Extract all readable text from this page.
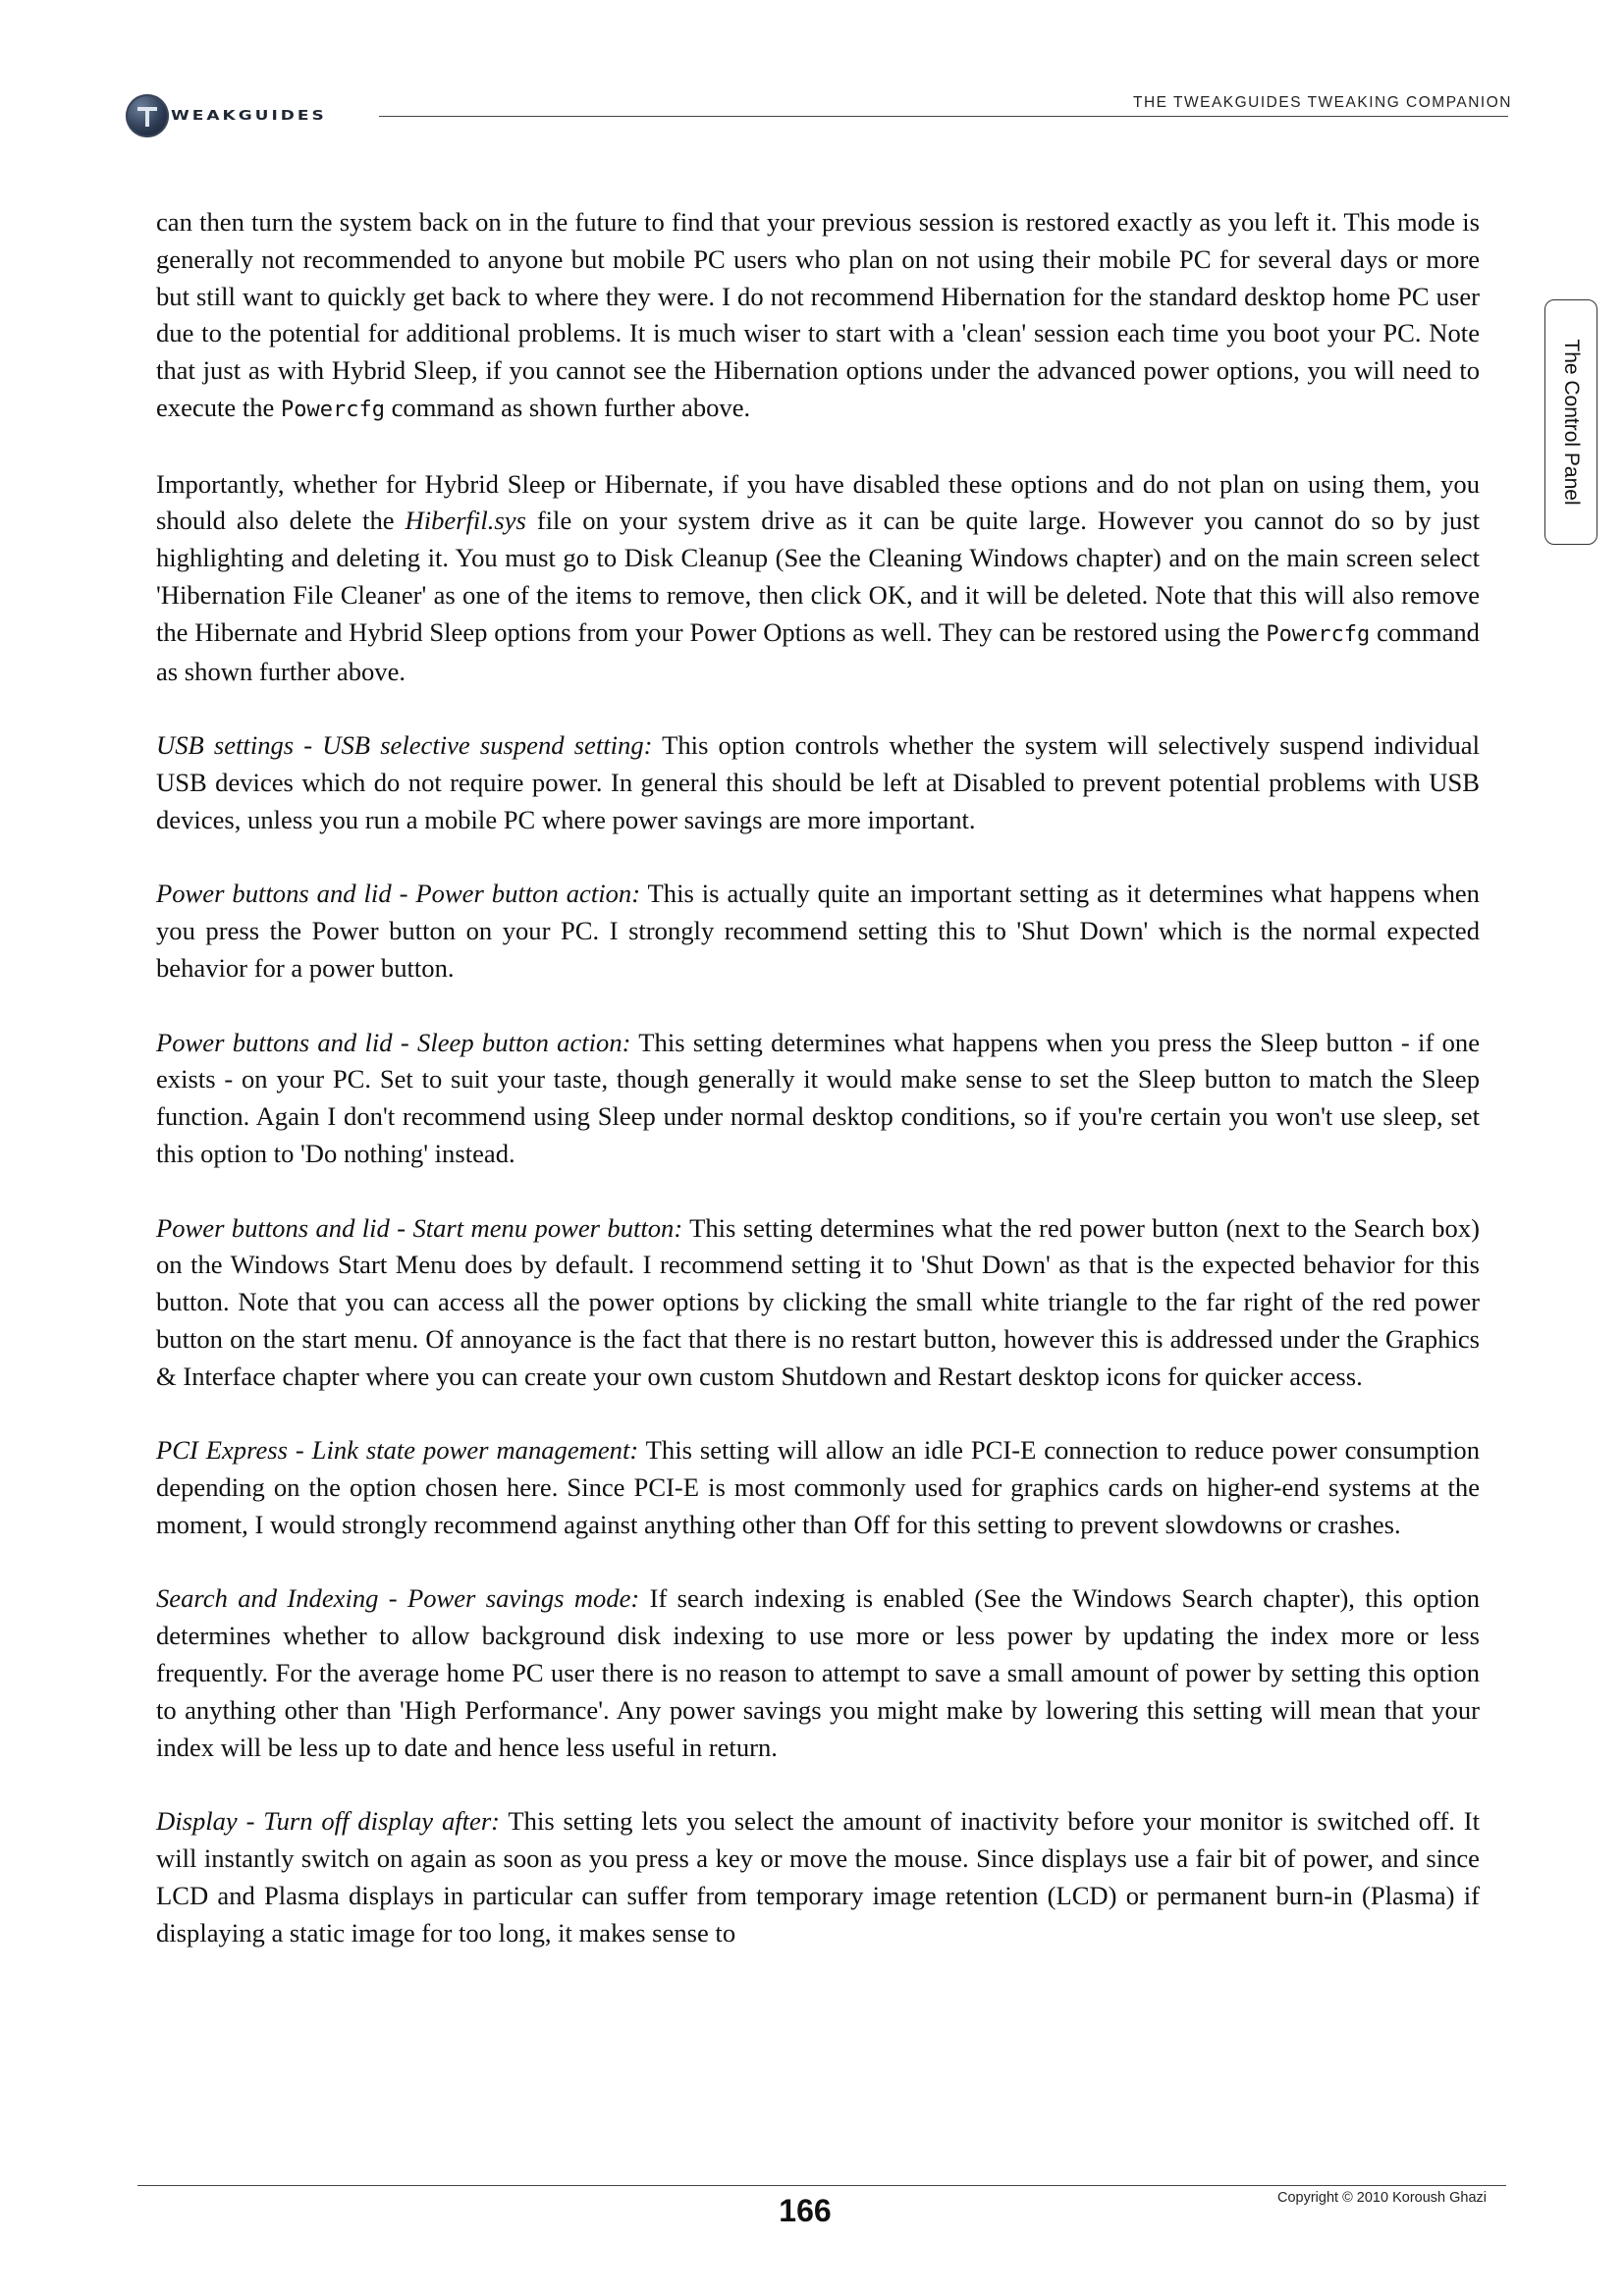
WEAKGUIDES
THE TWEAKGUIDES TWEAKING COMPANION
The Control Panel

can then turn the system back on in the future to find that your previous session is restored exactly as you left it. This mode is generally not recommended to anyone but mobile PC users who plan on not using their mobile PC for several days or more but still want to quickly get back to where they were. I do not recommend Hibernation for the standard desktop home PC user due to the potential for additional problems. It is much wiser to start with a 'clean' session each time you boot your PC. Note that just as with Hybrid Sleep, if you cannot see the Hibernation options under the advanced power options, you will need to execute the Powercfg command as shown further above.

Importantly, whether for Hybrid Sleep or Hibernate, if you have disabled these options and do not plan on using them, you should also delete the Hiberfil.sys file on your system drive as it can be quite large. However you cannot do so by just highlighting and deleting it. You must go to Disk Cleanup (See the Cleaning Windows chapter) and on the main screen select 'Hibernation File Cleaner' as one of the items to remove, then click OK, and it will be deleted. Note that this will also remove the Hibernate and Hybrid Sleep options from your Power Options as well. They can be restored using the Powercfg command as shown further above.

USB settings - USB selective suspend setting: This option controls whether the system will selectively suspend individual USB devices which do not require power. In general this should be left at Disabled to prevent potential problems with USB devices, unless you run a mobile PC where power savings are more important.

Power buttons and lid - Power button action: This is actually quite an important setting as it determines what happens when you press the Power button on your PC. I strongly recommend setting this to 'Shut Down' which is the normal expected behavior for a power button.

Power buttons and lid - Sleep button action: This setting determines what happens when you press the Sleep button - if one exists - on your PC. Set to suit your taste, though generally it would make sense to set the Sleep button to match the Sleep function. Again I don't recommend using Sleep under normal desktop conditions, so if you're certain you won't use sleep, set this option to 'Do nothing' instead.

Power buttons and lid - Start menu power button: This setting determines what the red power button (next to the Search box) on the Windows Start Menu does by default. I recommend setting it to 'Shut Down' as that is the expected behavior for this button. Note that you can access all the power options by clicking the small white triangle to the far right of the red power button on the start menu. Of annoyance is the fact that there is no restart button, however this is addressed under the Graphics & Interface chapter where you can create your own custom Shutdown and Restart desktop icons for quicker access.

PCI Express - Link state power management: This setting will allow an idle PCI-E connection to reduce power consumption depending on the option chosen here. Since PCI-E is most commonly used for graphics cards on higher-end systems at the moment, I would strongly recommend against anything other than Off for this setting to prevent slowdowns or crashes.

Search and Indexing - Power savings mode: If search indexing is enabled (See the Windows Search chapter), this option determines whether to allow background disk indexing to use more or less power by updating the index more or less frequently. For the average home PC user there is no reason to attempt to save a small amount of power by setting this option to anything other than 'High Performance'. Any power savings you might make by lowering this setting will mean that your index will be less up to date and hence less useful in return.

Display - Turn off display after: This setting lets you select the amount of inactivity before your monitor is switched off. It will instantly switch on again as soon as you press a key or move the mouse. Since displays use a fair bit of power, and since LCD and Plasma displays in particular can suffer from temporary image retention (LCD) or permanent burn-in (Plasma) if displaying a static image for too long, it makes sense to

166	Copyright © 2010 Koroush Ghazi
